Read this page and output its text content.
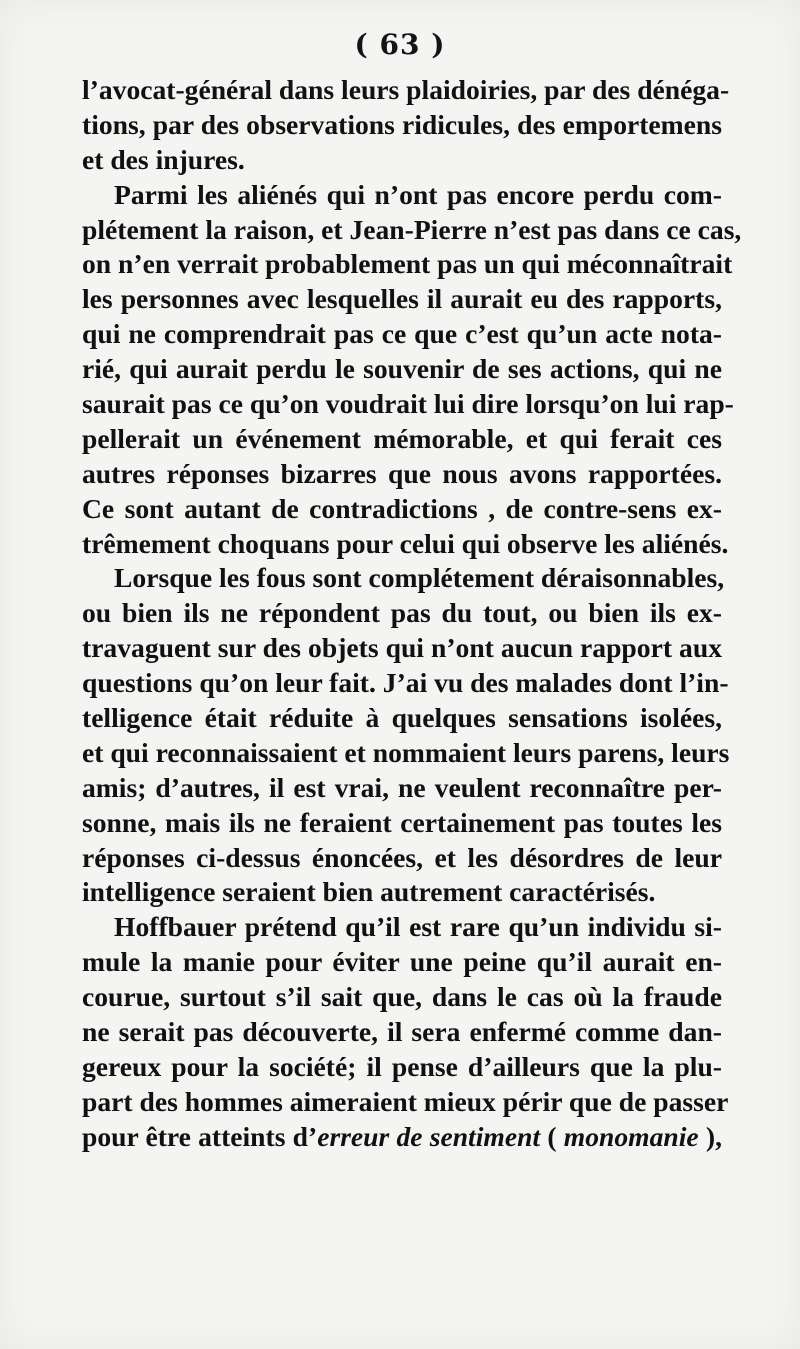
( 63 )
l’avocat-général dans leurs plaidoiries, par des dénéga-
tions, par des observations ridicules, des emportemens
et des injures.
Parmi les aliénés qui n’ont pas encore perdu com-
plétement la raison, et Jean-Pierre n’est pas dans ce cas,
on n’en verrait probablement pas un qui méconnaîtrait
les personnes avec lesquelles il aurait eu des rapports,
qui ne comprendrait pas ce que c’est qu’un acte nota-
rié, qui aurait perdu le souvenir de ses actions, qui ne
saurait pas ce qu’on voudrait lui dire lorsqu’on lui rap-
pellerait un événement mémorable, et qui ferait ces
autres réponses bizarres que nous avons rapportées.
Ce sont autant de contradictions , de contre-sens ex-
trêmement choquans pour celui qui observe les aliénés.
Lorsque les fous sont complétement déraisonnables,
ou bien ils ne répondent pas du tout, ou bien ils ex-
travaguent sur des objets qui n’ont aucun rapport aux
questions qu’on leur fait. J’ai vu des malades dont l’in-
telligence était réduite à quelques sensations isolées,
et qui reconnaissaient et nommaient leurs parens, leurs
amis; d’autres, il est vrai, ne veulent reconnaître per-
sonne, mais ils ne feraient certainement pas toutes les
réponses ci-dessus énoncées, et les désordres de leur
intelligence seraient bien autrement caractérisés.
Hoffbauer prétend qu’il est rare qu’un individu si-
mule la manie pour éviter une peine qu’il aurait en-
courue, surtout s’il sait que, dans le cas où la fraude
ne serait pas découverte, il sera enfermé comme dan-
gereux pour la société; il pense d’ailleurs que la plu-
part des hommes aimeraient mieux périr que de passer
pour être atteints d’erreur de sentiment ( monomanie ),
